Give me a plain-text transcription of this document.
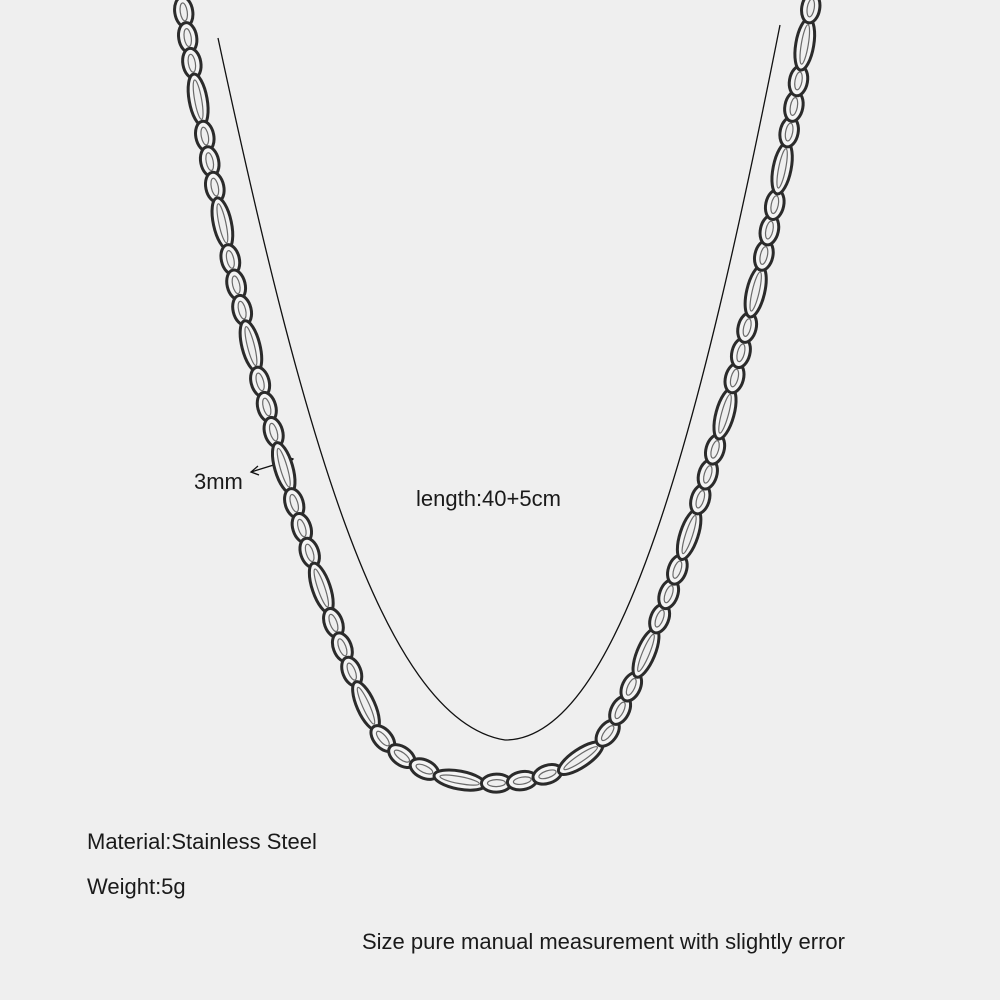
3mm
length:40+5cm
Material:Stainless Steel
Weight:5g
Size pure manual measurement with slightly error
